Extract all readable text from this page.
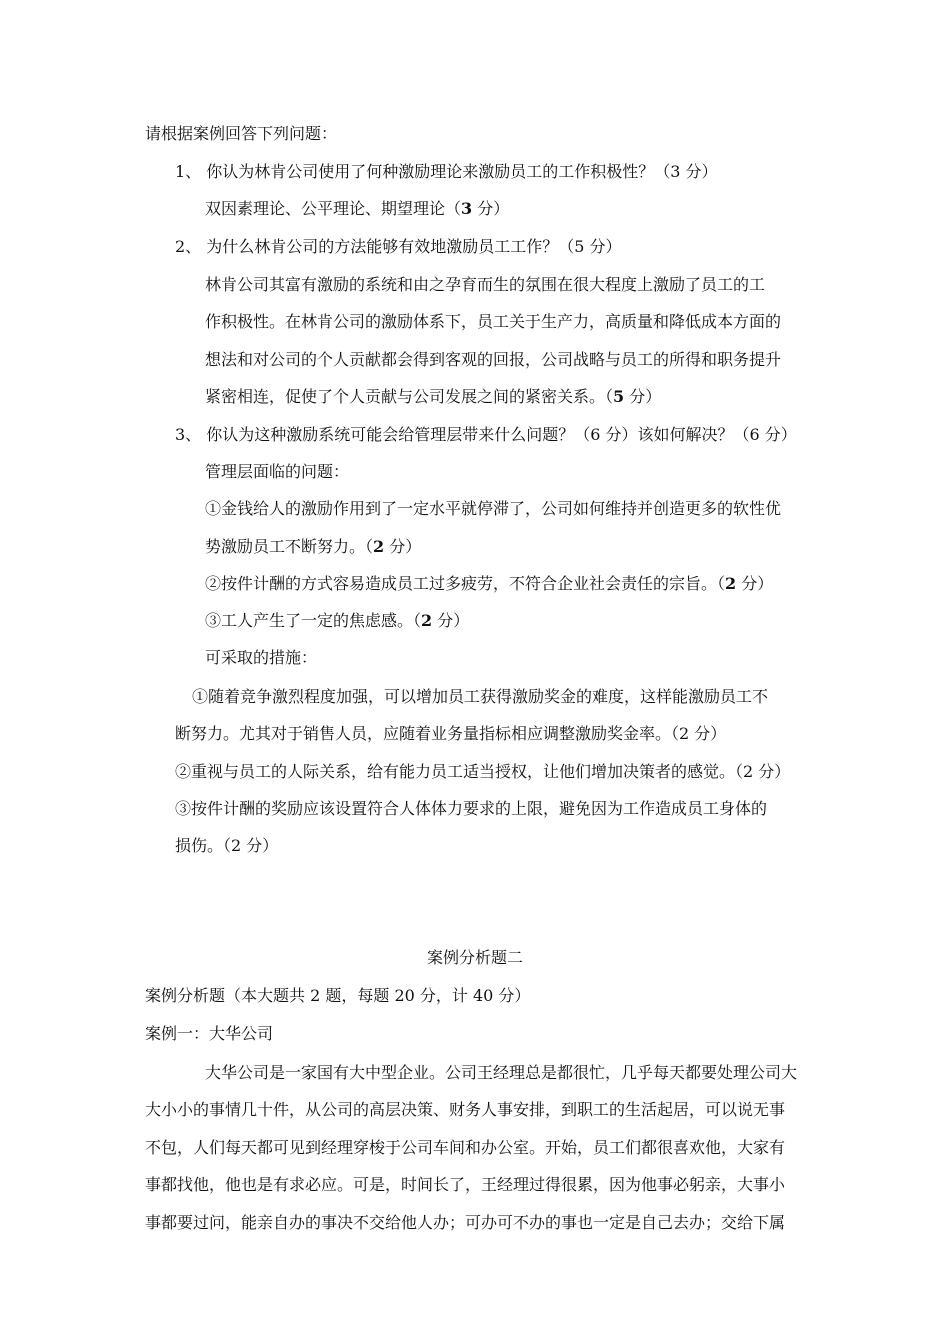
请根据案例回答下列问题：
1、 你认为林肯公司使用了何种激励理论来激励员工的工作积极性？（3 分）
双因素理论、公平理论、期望理论（3 分）
2、 为什么林肯公司的方法能够有效地激励员工工作？（5 分）
林肯公司其富有激励的系统和由之孕育而生的氛围在很大程度上激励了员工的工
作积极性。在林肯公司的激励体系下，员工关于生产力，高质量和降低成本方面的
想法和对公司的个人贡献都会得到客观的回报，公司战略与员工的所得和职务提升
紧密相连，促使了个人贡献与公司发展之间的紧密关系。（5 分）
3、 你认为这种激励系统可能会给管理层带来什么问题？（6 分）该如何解决？（6 分）
管理层面临的问题：
①金钱给人的激励作用到了一定水平就停滞了，公司如何维持并创造更多的软性优
势激励员工不断努力。（2 分）
②按件计酬的方式容易造成员工过多疲劳，不符合企业社会责任的宗旨。（2 分）
③工人产生了一定的焦虑感。（2 分）
可采取的措施：
①随着竞争激烈程度加强，可以增加员工获得激励奖金的难度，这样能激励员工不
断努力。尤其对于销售人员，应随着业务量指标相应调整激励奖金率。（2 分）
②重视与员工的人际关系，给有能力员工适当授权，让他们增加决策者的感觉。（2 分）
③按件计酬的奖励应该设置符合人体体力要求的上限，避免因为工作造成员工身体的
损伤。（2 分）
案例分析题二
案例分析题（本大题共 2 题，每题 20 分，计 40 分）
案例一：大华公司
大华公司是一家国有大中型企业。公司王经理总是都很忙，几乎每天都要处理公司大
大小小的事情几十件，从公司的高层决策、财务人事安排，到职工的生活起居，可以说无事
不包，人们每天都可见到经理穿梭于公司车间和办公室。开始，员工们都很喜欢他，大家有
事都找他，他也是有求必应。可是，时间长了，王经理过得很累，因为他事必躬亲，大事小
事都要过问，能亲自办的事决不交给他人办；可办可不办的事也一定是自己去办；交给下属
